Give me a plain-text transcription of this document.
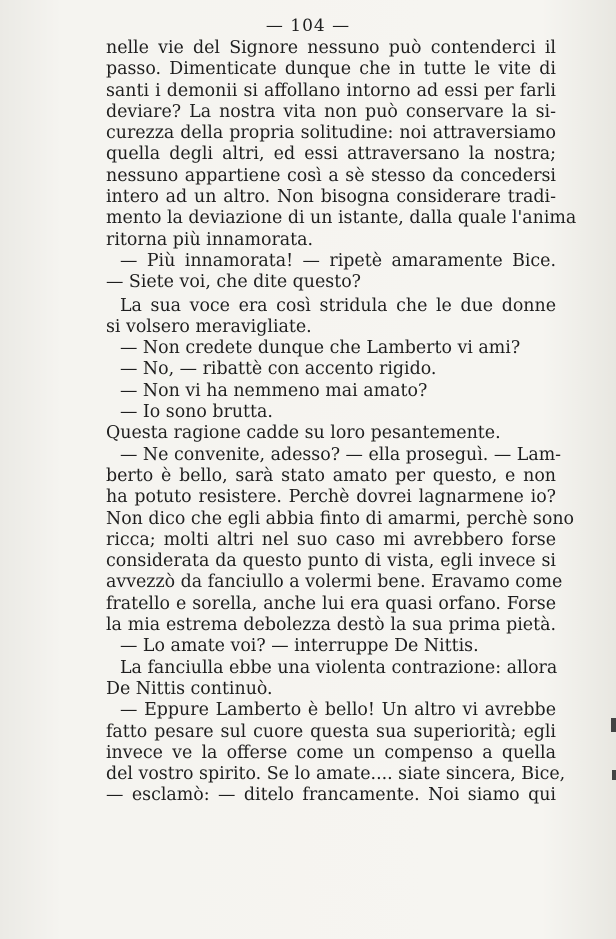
— 104 —
nelle vie del Signore nessuno può contenderci il
passo. Dimenticate dunque che in tutte le vite di
santi i demonii si affollano intorno ad essi per farli
deviare? La nostra vita non può conservare la si-
curezza della propria solitudine: noi attraversiamo
quella degli altri, ed essi attraversano la nostra;
nessuno appartiene così a sè stesso da concedersi
intero ad un altro. Non bisogna considerare tradi-
mento la deviazione di un istante, dalla quale l'anima
ritorna più innamorata.
— Più innamorata! — ripetè amaramente Bice.
— Siete voi, che dite questo?
La sua voce era così stridula che le due donne
si volsero meravigliate.
— Non credete dunque che Lamberto vi ami?
— No, — ribattè con accento rigido.
— Non vi ha nemmeno mai amato?
— Io sono brutta.
Questa ragione cadde su loro pesantemente.
— Ne convenite, adesso? — ella proseguì. — Lam-
berto è bello, sarà stato amato per questo, e non
ha potuto resistere. Perchè dovrei lagnarmene io?
Non dico che egli abbia finto di amarmi, perchè sono
ricca; molti altri nel suo caso mi avrebbero forse
considerata da questo punto di vista, egli invece si
avvezzò da fanciullo a volermi bene. Eravamo come
fratello e sorella, anche lui era quasi orfano. Forse
la mia estrema debolezza destò la sua prima pietà.
— Lo amate voi? — interruppe De Nittis.
La fanciulla ebbe una violenta contrazione: allora
De Nittis continuò.
— Eppure Lamberto è bello! Un altro vi avrebbe
fatto pesare sul cuore questa sua superiorità; egli
invece ve la offerse come un compenso a quella
del vostro spirito. Se lo amate.... siate sincera, Bice,
— esclamò: — ditelo francamente. Noi siamo qui
